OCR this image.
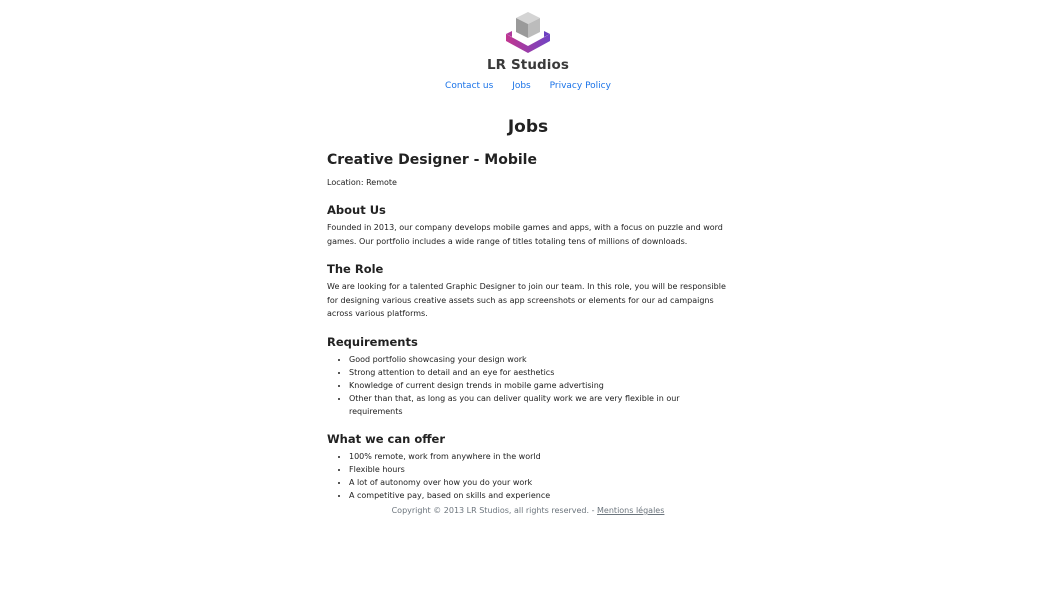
LR Studios
Contact us Jobs Privacy Policy
Jobs
Creative Designer - Mobile

Location: Remote

About Us

Founded in 2013, our company develops mobile games and apps, with a focus on puzzle and word games. Our portfolio includes a wide range of titles totaling tens of millions of downloads.

The Role

We are looking for a talented Graphic Designer to join our team. In this role, you will be responsible for designing various creative assets such as app screenshots or elements for our ad campaigns across various platforms.

Requirements
• Good portfolio showcasing your design work
• Strong attention to detail and an eye for aesthetics
• Knowledge of current design trends in mobile game advertising
• Other than that, as long as you can deliver quality work we are very flexible in our requirements
What we can offer
• 100% remote, work from anywhere in the world
• Flexible hours
• A lot of autonomy over how you do your work
• A competitive pay, based on skills and experience
Copyright © 2013 LR Studios, all rights reserved. - Mentions légales
